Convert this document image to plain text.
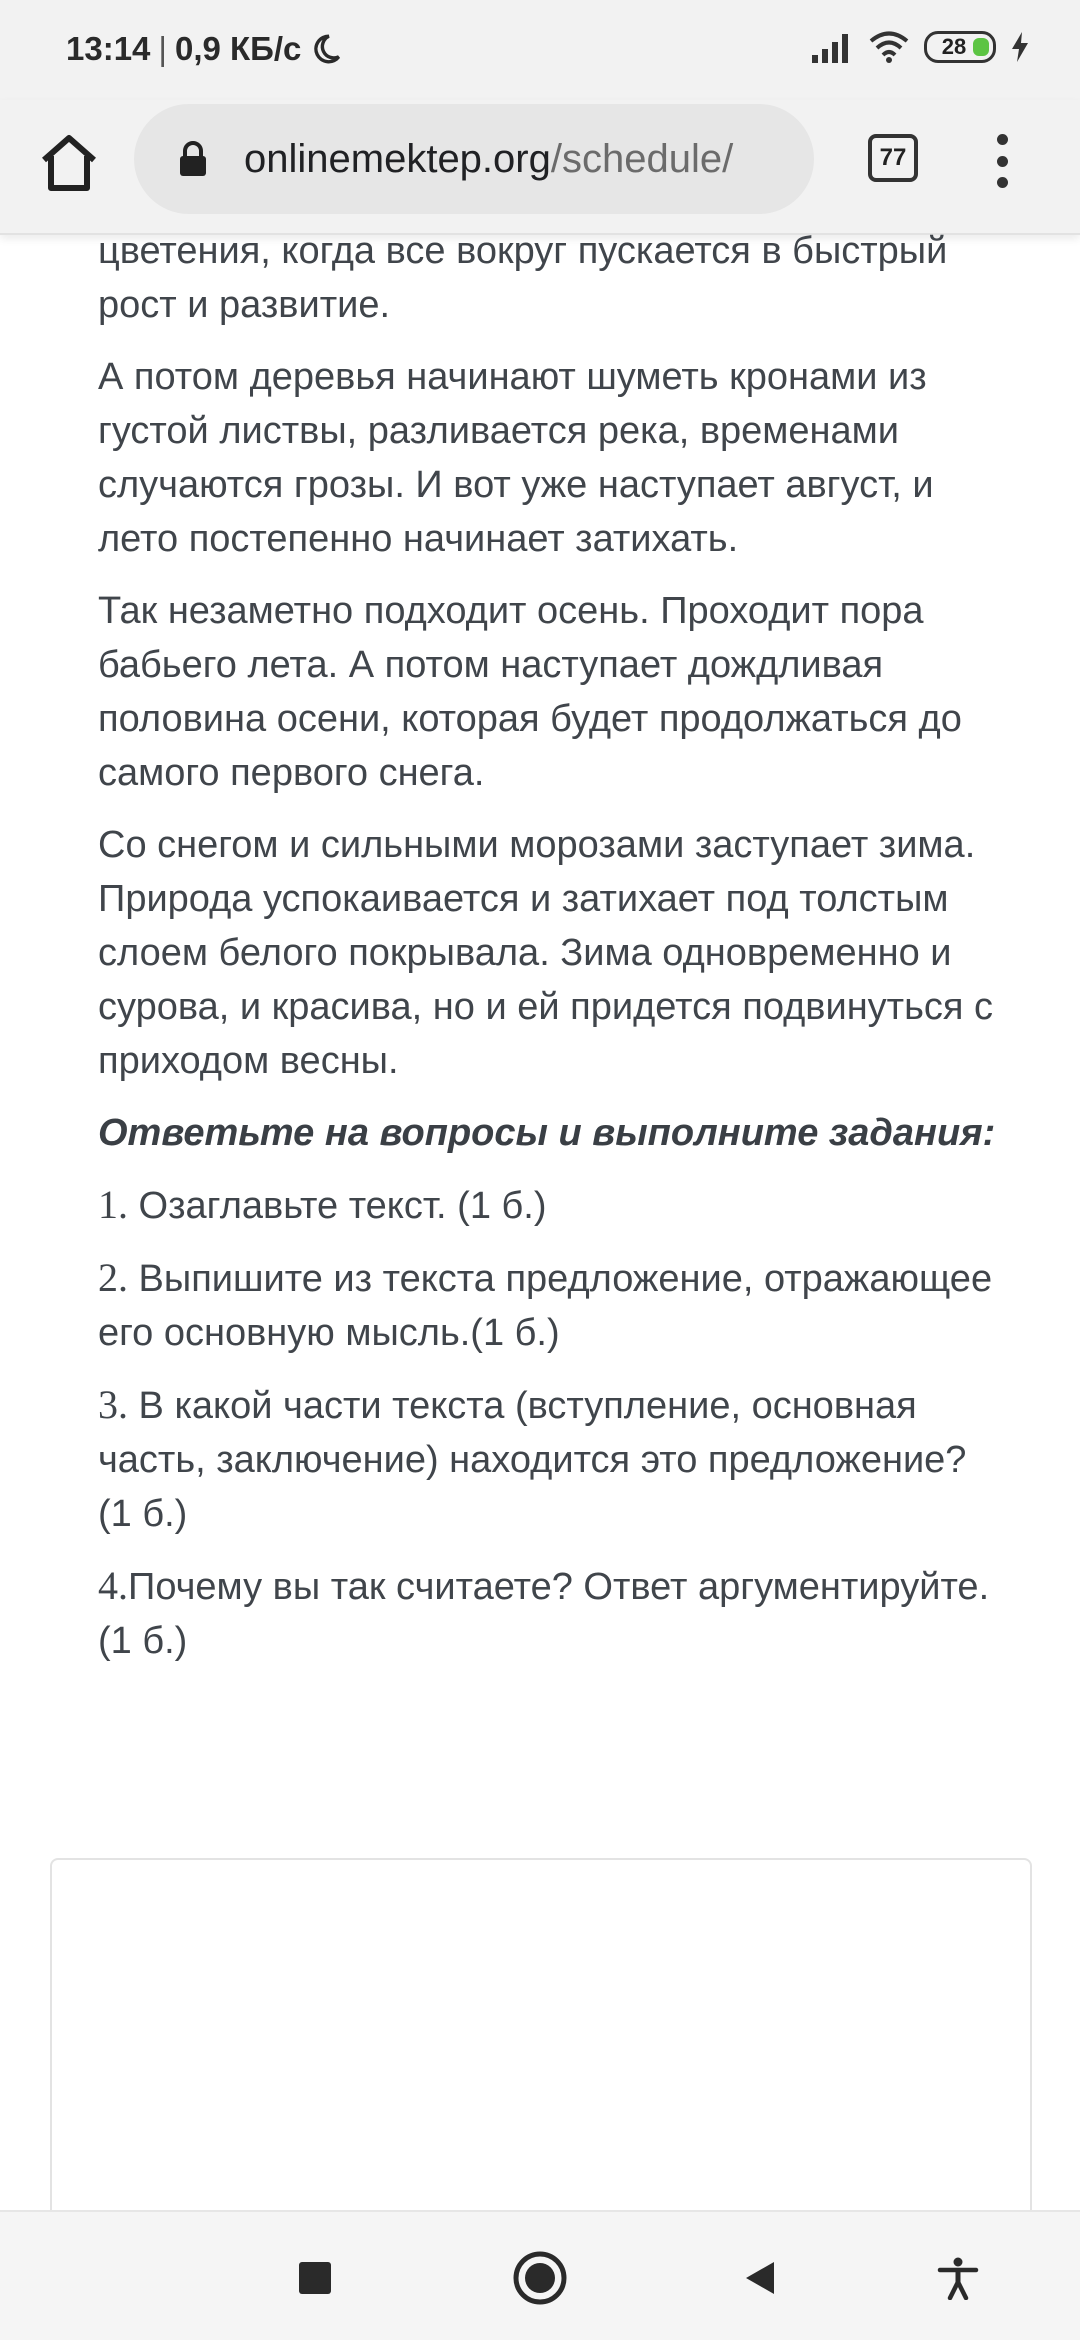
13:14 | 0,9 КБ/с	28
onlinemektep.org/schedule/	77

цветения, когда все вокруг пускается в быстрый рост и развитие.

А потом деревья начинают шуметь кронами из густой листвы, разливается река, временами случаются грозы. И вот уже наступает август, и лето постепенно начинает затихать.

Так незаметно подходит осень. Проходит пора бабьего лета. А потом наступает дождливая половина осени, которая будет продолжаться до самого первого снега.

Со снегом и сильными морозами заступает зима. Природа успокаивается и затихает под толстым слоем белого покрывала. Зима одновременно и сурова, и красива, но и ей придется подвинуться с приходом весны.

Ответьте на вопросы и выполните задания:

1. Озаглавьте текст. (1 б.)

2. Выпишите из текста предложение, отражающее его основную мысль.(1 б.)

3. В какой части текста (вступление, основная часть, заключение) находится это предложение?(1 б.)

4.Почему вы так считаете? Ответ аргументируйте.(1 б.)
